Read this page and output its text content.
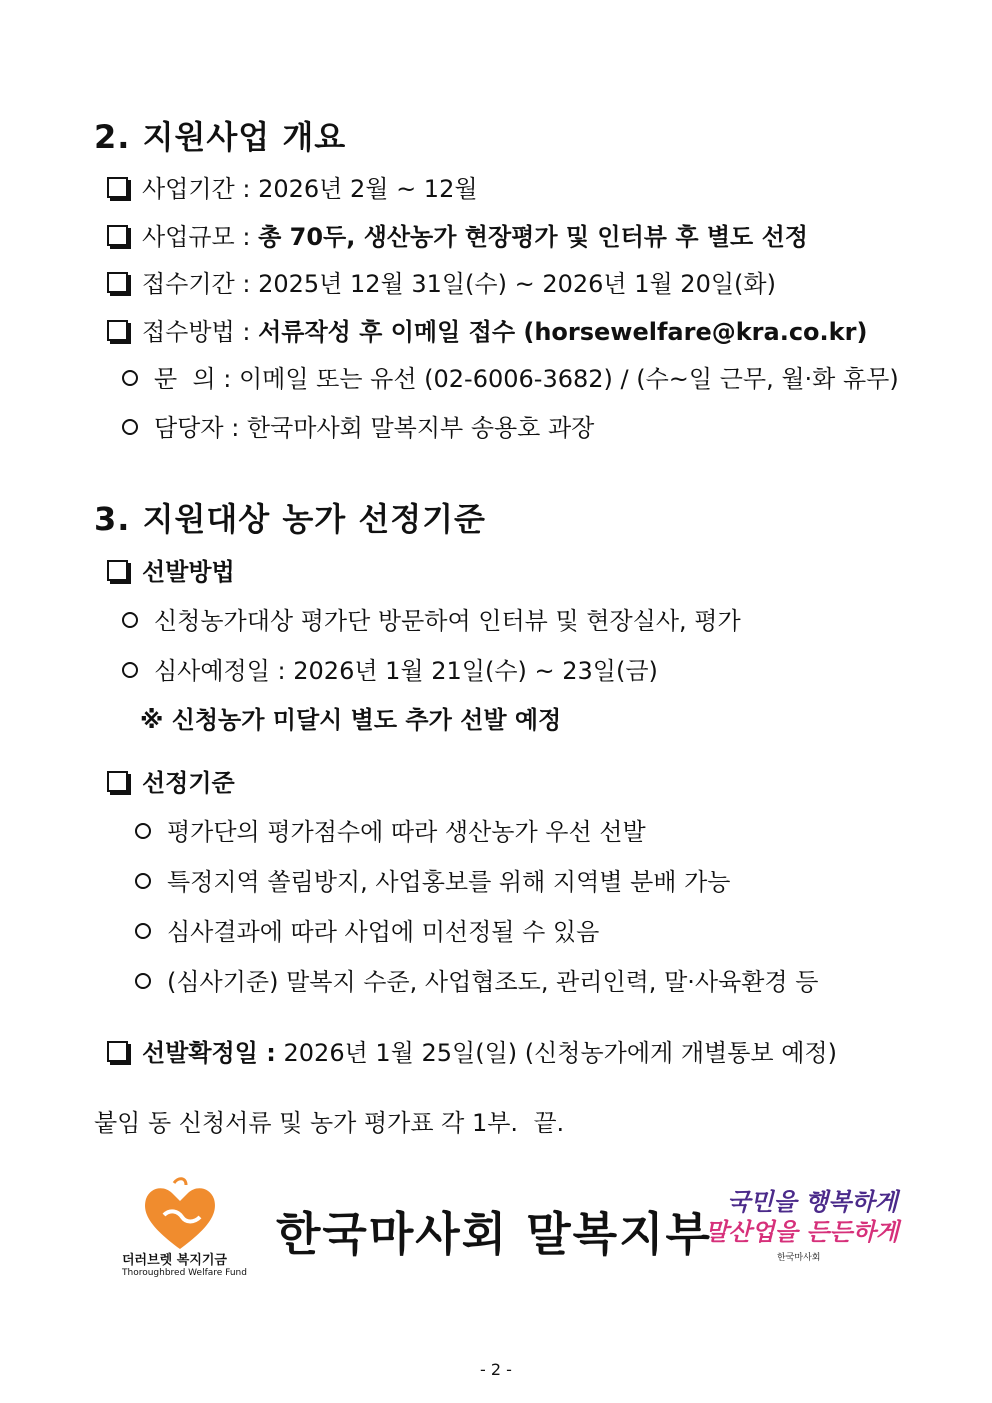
2. 지원사업 개요
사업기간 : 2026년 2월 ~ 12월
사업규모 : 총 70두, 생산농가 현장평가 및 인터뷰 후 별도 선정
접수기간 : 2025년 12월 31일(수) ~ 2026년 1월 20일(화)
접수방법 : 서류작성 후 이메일 접수 (horsewelfare@kra.co.kr)
문  의 : 이메일 또는 유선 (02-6006-3682) / (수~일 근무, 월·화 휴무)
담당자 : 한국마사회 말복지부 송용호 과장
3. 지원대상 농가 선정기준
선발방법
신청농가대상 평가단 방문하여 인터뷰 및 현장실사, 평가
심사예정일 : 2026년 1월 21일(수) ~ 23일(금)
※ 신청농가 미달시 별도 추가 선발 예정
선정기준
평가단의 평가점수에 따라 생산농가 우선 선발
특정지역 쏠림방지, 사업홍보를 위해 지역별 분배 가능
심사결과에 따라 사업에 미선정될 수 있음
(심사기준) 말복지 수준, 사업협조도, 관리인력, 말·사육환경 등
선발확정일 : 2026년 1월 25일(일) (신청농가에게 개별통보 예정)
붙임 동 신청서류 및 농가 평가표 각 1부.  끝.
더러브렛 복지기금
Thoroughbred Welfare Fund
한국마사회 말복지부
국민을 행복하게
말산업을 든든하게
한국마사회
- 2 -
